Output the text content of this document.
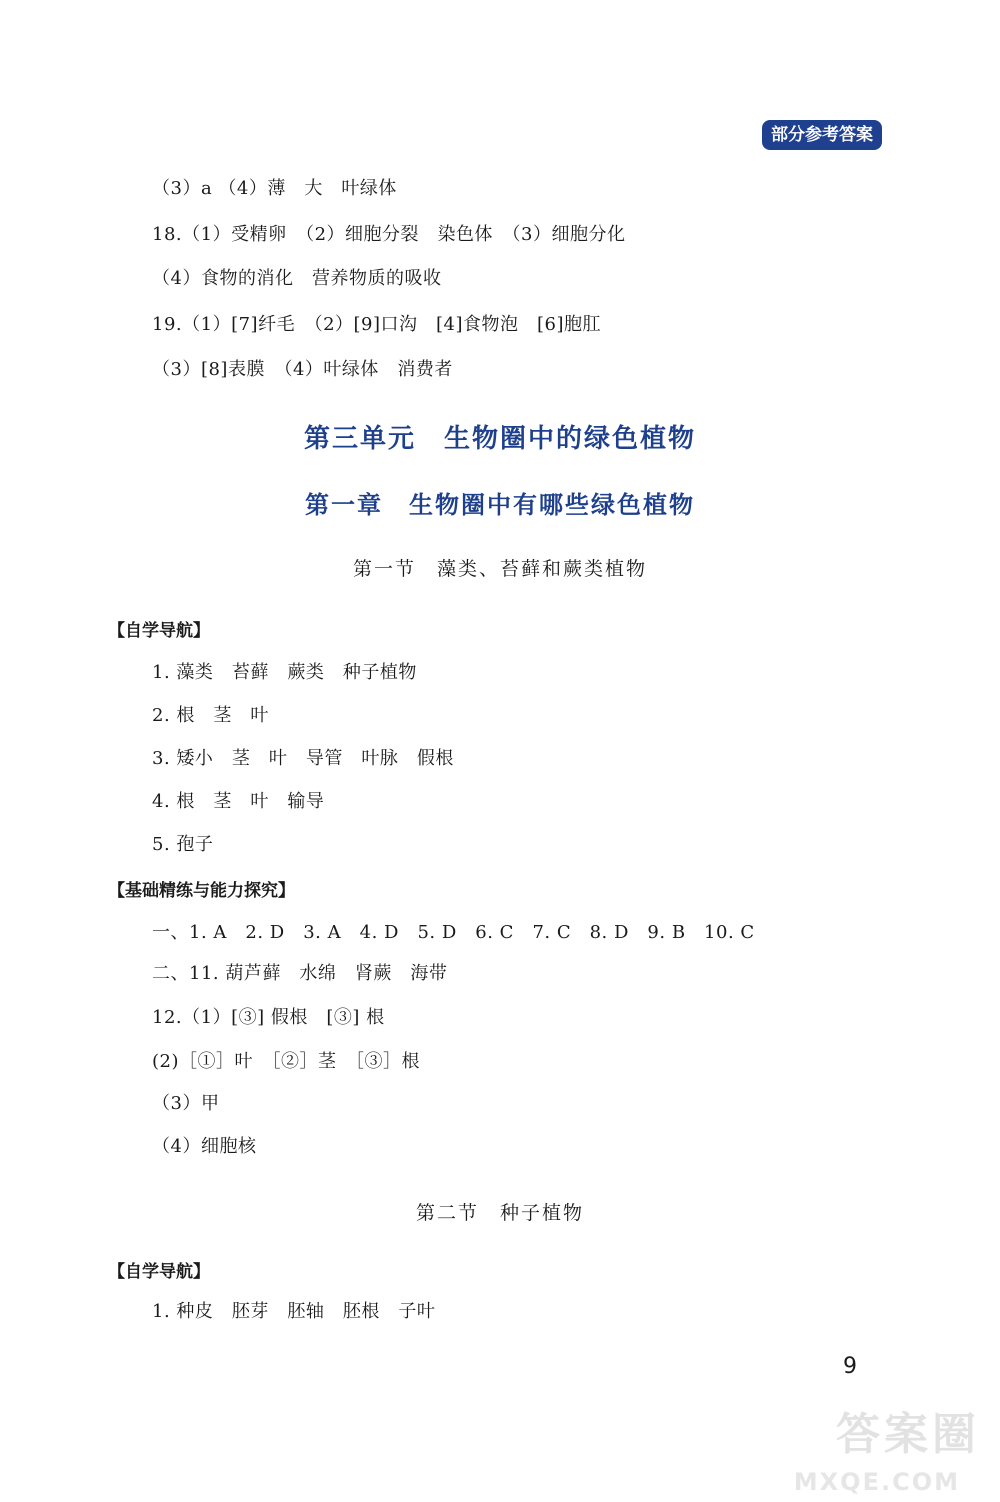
部分参考答案
（3）a （4）薄　大　叶绿体
18.（1）受精卵　（2）细胞分裂　染色体　（3）细胞分化
（4）食物的消化　营养物质的吸收
19.（1）[7]纤毛　（2）[9]口沟　[4]食物泡　[6]胞肛
（3）[8]表膜　（4）叶绿体　消费者
第三单元　生物圈中的绿色植物
第一章　生物圈中有哪些绿色植物
第一节　藻类、苔藓和蕨类植物
【自学导航】
1. 藻类　苔藓　蕨类　种子植物
2. 根　茎　叶
3. 矮小　茎　叶　导管　叶脉　假根
4. 根　茎　叶　输导
5. 孢子
【基础精练与能力探究】
一、1. A　2. D　3. A　4. D　5. D　6. C　7. C　8. D　9. B　10. C
二、11. 葫芦藓　水绵　肾蕨　海带
12.（1）[③] 假根　[③] 根
(2)［①］叶　［②］茎　［③］根
（3）甲
（4）细胞核
第二节　种子植物
【自学导航】
1. 种皮　胚芽　胚轴　胚根　子叶
9
答案圈
MXQE.COM
